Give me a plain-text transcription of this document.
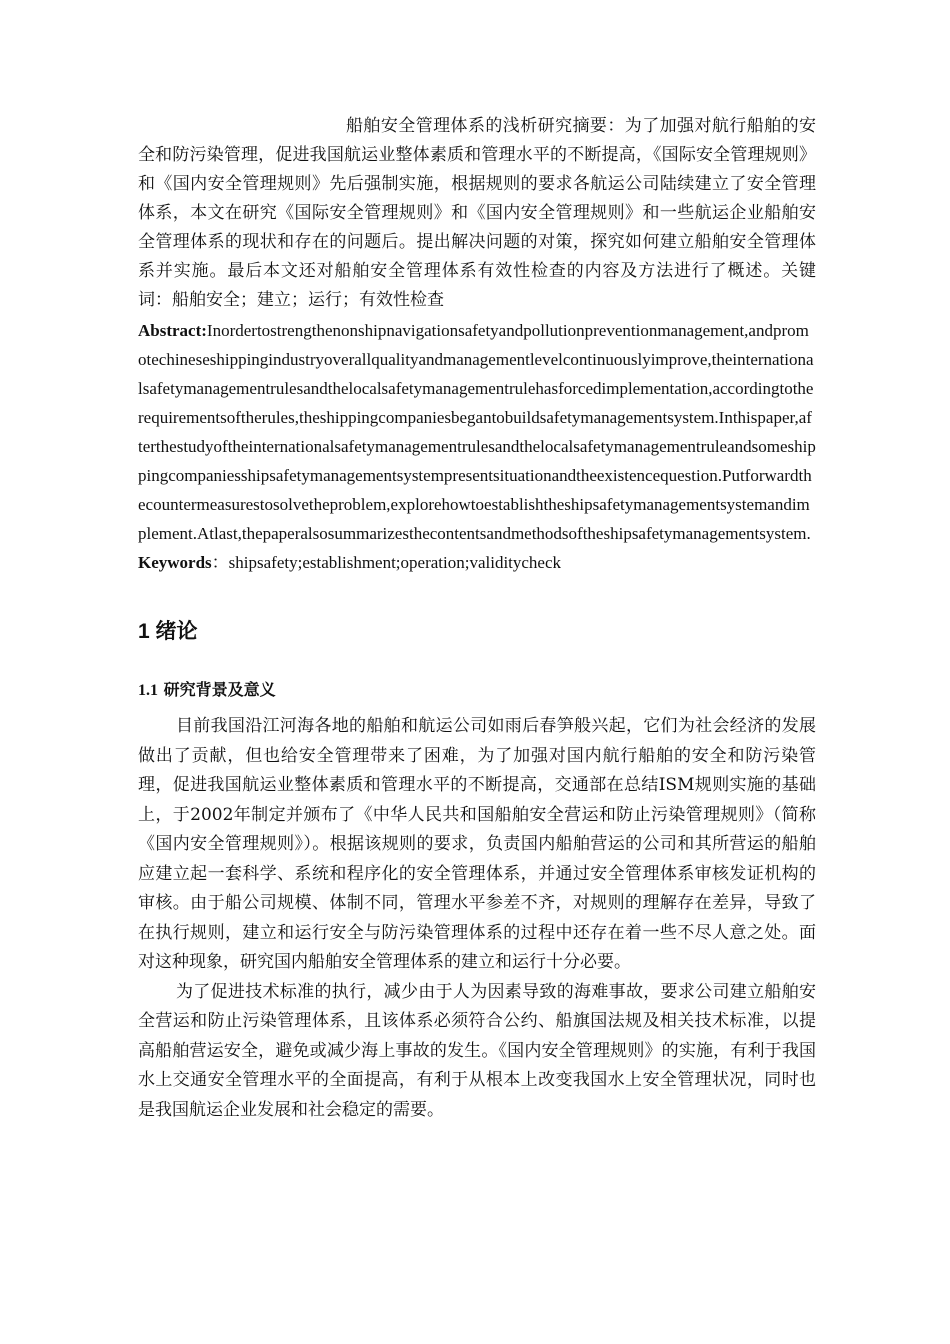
船舶安全管理体系的浅析研究摘要：为了加强对航行船舶的安全和防污染管理，促进我国航运业整体素质和管理水平的不断提高，《国际安全管理规则》和《国内安全管理规则》先后强制实施，根据规则的要求各航运公司陆续建立了安全管理体系，本文在研究《国际安全管理规则》和《国内安全管理规则》和一些航运企业船舶安全管理体系的现状和存在的问题后。提出解决问题的对策，探究如何建立船舶安全管理体系并实施。最后本文还对船舶安全管理体系有效性检查的内容及方法进行了概述。关键词：船舶安全；建立；运行；有效性检查

Abstract:Inordertostrengthenonshipnavigationsafetyandpollutionpreventionmanagement,andpromotechineseshippingindustryoverallqualityandmanagementlevelcontinuouslyimprove,theinternationalsafetymanagementrulesandthelocalsafetymanagementrulehasforcedimplementation,accordingtotherequirementsoftherules,theshippingcompaniesbegantobuildsafetymanagementsystem.Inthispaper,afterthestudyoftheinternationalsafetymanagementrulesandthelocalsafetymanagementruleandsomeshippingcompaniesshipsafetymanagementsystempresentsituationandtheexistencequestion.Putforwardthecountermeasurestosolvetheproblem,explorehowtoestablishtheshipsafetymanagementsystemandimplement.Atlast,thepaperalsosummarizesthecontentsandmethodsoftheshipsafetymanagementsystem.

Keywords：shipsafety;establishment;operation;validitycheck

1 绪论
1.1 研究背景及意义

目前我国沿江河海各地的船舶和航运公司如雨后春笋般兴起，它们为社会经济的发展做出了贡献，但也给安全管理带来了困难，为了加强对国内航行船舶的安全和防污染管理，促进我国航运业整体素质和管理水平的不断提高，交通部在总结ISM规则实施的基础上，于2002年制定并颁布了《中华人民共和国船舶安全营运和防止污染管理规则》（简称《国内安全管理规则》）。根据该规则的要求，负责国内船舶营运的公司和其所营运的船舶应建立起一套科学、系统和程序化的安全管理体系，并通过安全管理体系审核发证机构的审核。由于船公司规模、体制不同，管理水平参差不齐，对规则的理解存在差异，导致了在执行规则，建立和运行安全与防污染管理体系的过程中还存在着一些不尽人意之处。面对这种现象，研究国内船舶安全管理体系的建立和运行十分必要。

为了促进技术标准的执行，减少由于人为因素导致的海难事故，要求公司建立船舶安全营运和防止污染管理体系，且该体系必须符合公约、船旗国法规及相关技术标准，以提高船舶营运安全，避免或减少海上事故的发生。《国内安全管理规则》的实施，有利于我国水上交通安全管理水平的全面提高，有利于从根本上改变我国水上安全管理状况，同时也是我国航运企业发展和社会稳定的需要。
